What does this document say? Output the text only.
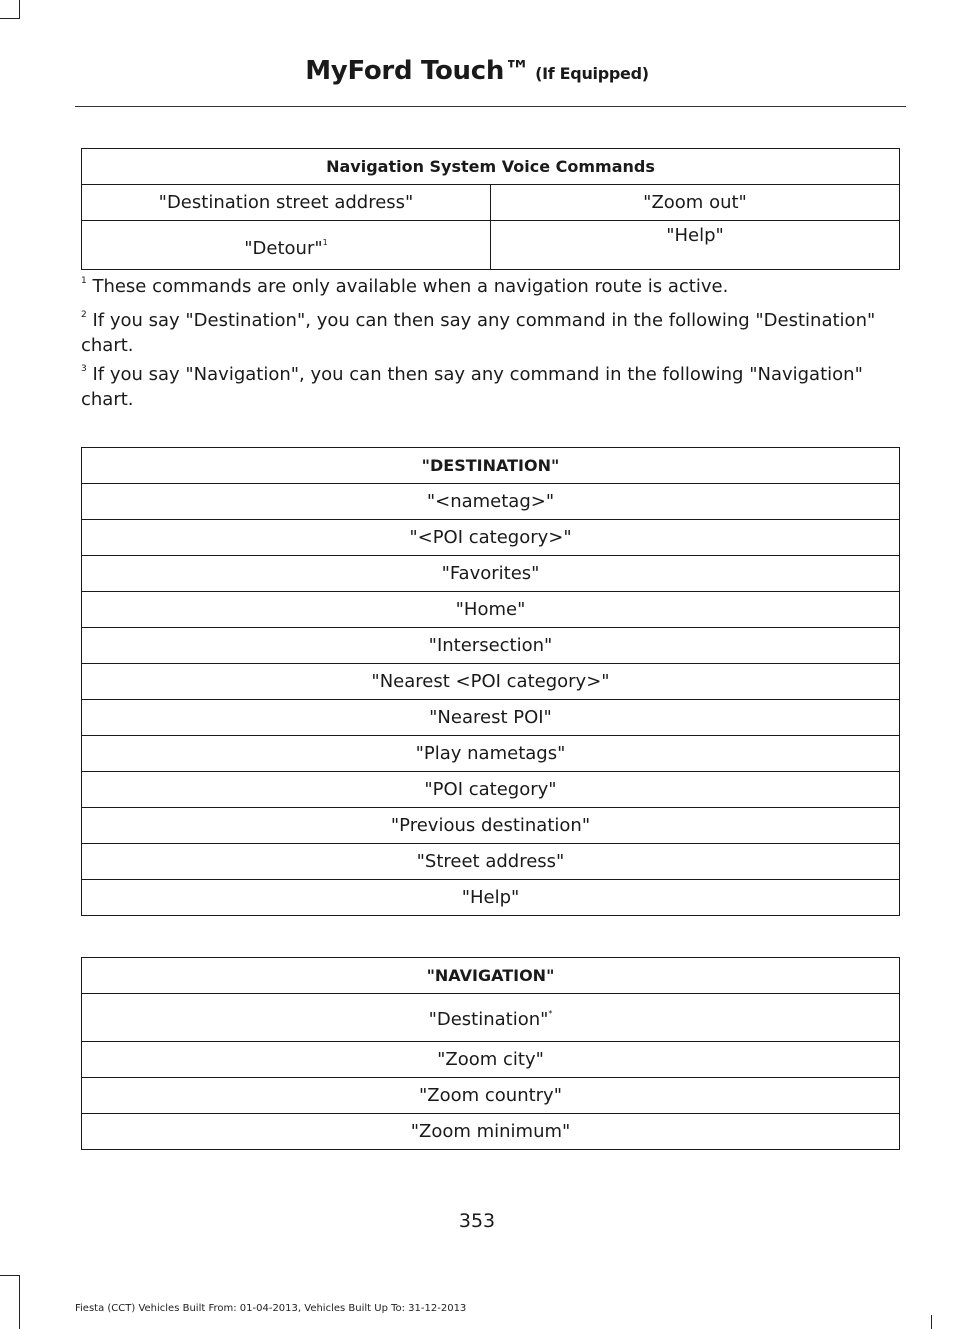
MyFord Touch™ (If Equipped)
Navigation System Voice Commands	
"Destination street address"	"Zoom out"
"Detour"$^1$	"Help"
$^1$ These commands are only available when a navigation route is active.
$^2$ If you say "Destination", you can then say any command in the following "Destination" chart.
$^3$ If you say "Navigation", you can then say any command in the following "Navigation" chart.
"DESTINATION"
"<nametag>"
"<POI category>"
"Favorites"
"Home"
"Intersection"
"Nearest <POI category>"
"Nearest POI"
"Play nametags"
"POI category"
"Previous destination"
"Street address"
"Help"
"NAVIGATION"
"Destination"*
"Zoom city"
"Zoom country"
"Zoom minimum"
353
Fiesta (CCT) Vehicles Built From: 01-04-2013, Vehicles Built Up To: 31-12-2013
